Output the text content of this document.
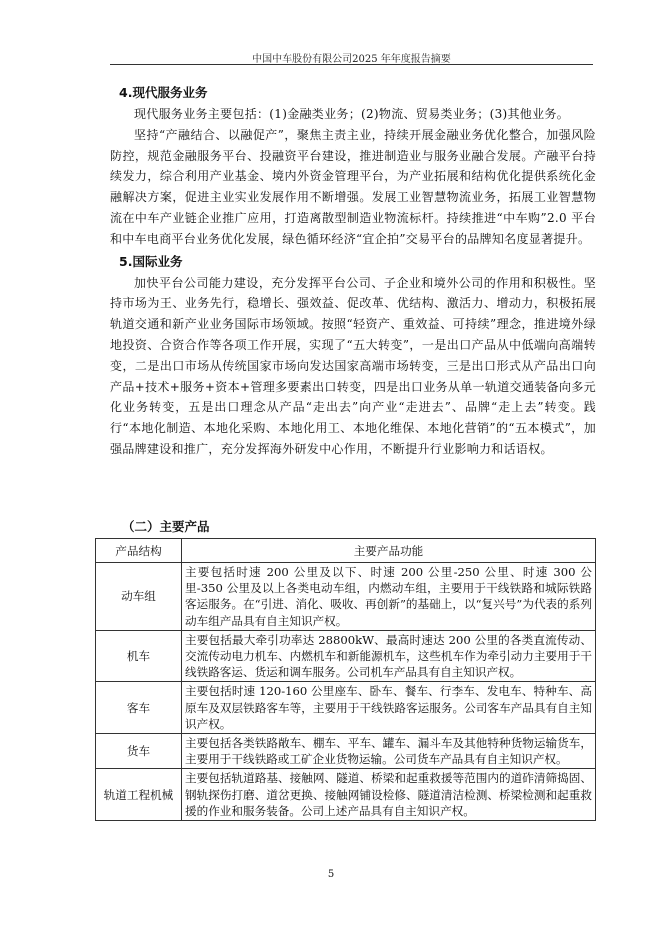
中国中车股份有限公司2025 年年度报告摘要
4.现代服务业务

现代服务业务主要包括：(1)金融类业务；(2)物流、贸易类业务；(3)其他业务。

坚持“产融结合、以融促产”，聚焦主责主业，持续开展金融业务优化整合，加强风险防控，规范金融服务平台、投融资平台建设，推进制造业与服务业融合发展。产融平台持续发力，综合利用产业基金、境内外资金管理平台，为产业拓展和结构优化提供系统化金融解决方案，促进主业实业发展作用不断增强。发展工业智慧物流业务，拓展工业智慧物流在中车产业链企业推广应用，打造离散型制造业物流标杆。持续推进“中车购”2.0 平台和中车电商平台业务优化发展，绿色循环经济“宜企拍”交易平台的品牌知名度显著提升。

5.国际业务

加快平台公司能力建设，充分发挥平台公司、子企业和境外公司的作用和积极性。坚持市场为王、业务先行，稳增长、强效益、促改革、优结构、激活力、增动力，积极拓展轨道交通和新产业业务国际市场领域。按照“轻资产、重效益、可持续”理念，推进境外绿地投资、合资合作等各项工作开展，实现了“五大转变”，一是出口产品从中低端向高端转变，二是出口市场从传统国家市场向发达国家高端市场转变，三是出口形式从产品出口向产品+技术+服务+资本+管理多要素出口转变，四是出口业务从单一轨道交通装备向多元化业务转变，五是出口理念从产品“走出去”向产业“走进去”、品牌“走上去”转变。践行“本地化制造、本地化采购、本地化用工、本地化维保、本地化营销”的“五本模式”，加强品牌建设和推广，充分发挥海外研发中心作用，不断提升行业影响力和话语权。

（二）主要产品
产品结构	主要产品功能
动车组	主要包括时速 200 公里及以下、时速 200 公里-250 公里、时速 300 公里-350 公里及以上各类电动车组，内燃动车组，主要用于干线铁路和城际铁路客运服务。在“引进、消化、吸收、再创新”的基础上，以“复兴号”为代表的系列动车组产品具有自主知识产权。
机车	主要包括最大牵引功率达 28800kW、最高时速达 200 公里的各类直流传动、交流传动电力机车、内燃机车和新能源机车，这些机车作为牵引动力主要用于干线铁路客运、货运和调车服务。公司机车产品具有自主知识产权。
客车	主要包括时速 120-160 公里座车、卧车、餐车、行李车、发电车、特种车、高原车及双层铁路客车等，主要用于干线铁路客运服务。公司客车产品具有自主知识产权。
货车	主要包括各类铁路敞车、棚车、平车、罐车、漏斗车及其他特种货物运输货车，主要用于干线铁路或工矿企业货物运输。公司货车产品具有自主知识产权。
轨道工程机械	主要包括轨道路基、接触网、隧道、桥梁和起重救援等范围内的道砟清筛捣固、钢轨探伤打磨、道岔更换、接触网铺设检修、隧道清洁检测、桥梁检测和起重救援的作业和服务装备。公司上述产品具有自主知识产权。
5
